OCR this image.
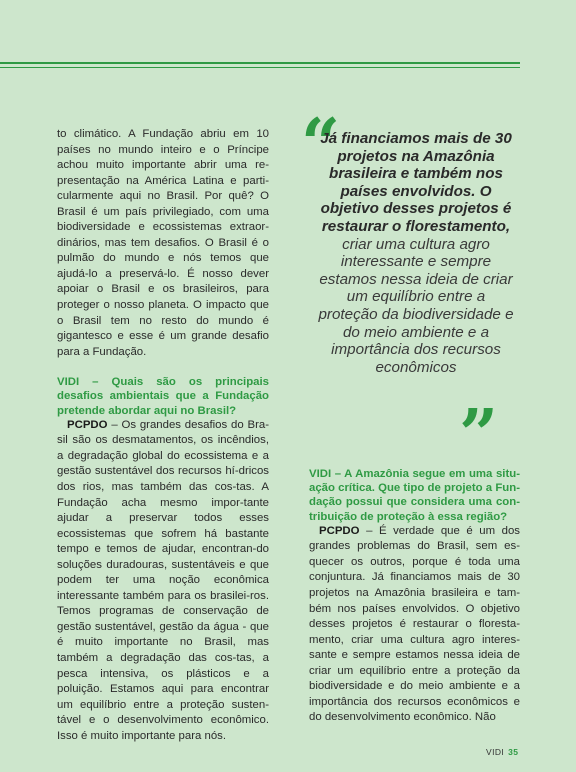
to climático. A Fundação abriu em 10 países no mundo inteiro e o Príncipe achou muito importante abrir uma re-presentação na América Latina e parti-cularmente aqui no Brasil. Por quê? O Brasil é um país privilegiado, com uma biodiversidade e ecossistemas extraor-dinários, mas tem desafios. O Brasil é o pulmão do mundo e nós temos que ajudá-lo a preservá-lo. É nosso dever apoiar o Brasil e os brasileiros, para proteger o nosso planeta. O impacto que o Brasil tem no resto do mundo é gigantesco e esse é um grande desafio para a Fundação.

VIDI – Quais são os principais desafios ambientais que a Fundação pretende abordar aqui no Brasil?

PCPDO – Os grandes desafios do Bra-sil são os desmatamentos, os incêndios, a degradação global do ecossistema e a gestão sustentável dos recursos hí-dricos dos rios, mas também das cos-tas. A Fundação acha mesmo impor-tante ajudar a preservar todos esses ecossistemas que sofrem há bastante tempo e temos de ajudar, encontran-do soluções duradouras, sustentáveis e que podem ter uma noção econômica interessante também para os brasilei-ros. Temos programas de conservação de gestão sustentável, gestão da água - que é muito importante no Brasil, mas também a degradação das cos-tas, a pesca intensiva, os plásticos e a poluição. Estamos aqui para encontrar um equilíbrio entre a proteção susten-tável e o desenvolvimento econômico. Isso é muito importante para nós.

“
Já financiamos mais de 30 projetos na Amazônia brasileira e também nos países envolvidos. O objetivo desses projetos é restaurar o florestamento, criar uma cultura agro interessante e sempre estamos nessa ideia de criar um equilíbrio entre a proteção da biodiversidade e do meio ambiente e a importância dos recursos econômicos
”

VIDI – A Amazônia segue em uma situ-ação crítica. Que tipo de projeto a Fun-dação possui que considera uma con-tribuição de proteção à essa região?

PCPDO – É verdade que é um dos grandes problemas do Brasil, sem es-quecer os outros, porque é toda uma conjuntura. Já financiamos mais de 30 projetos na Amazônia brasileira e tam-bém nos países envolvidos. O objetivo desses projetos é restaurar o floresta-mento, criar uma cultura agro interes-sante e sempre estamos nessa ideia de criar um equilíbrio entre a proteção da biodiversidade e do meio ambiente e a importância dos recursos econômicos e do desenvolvimento econômico. Não

VIDI 35
